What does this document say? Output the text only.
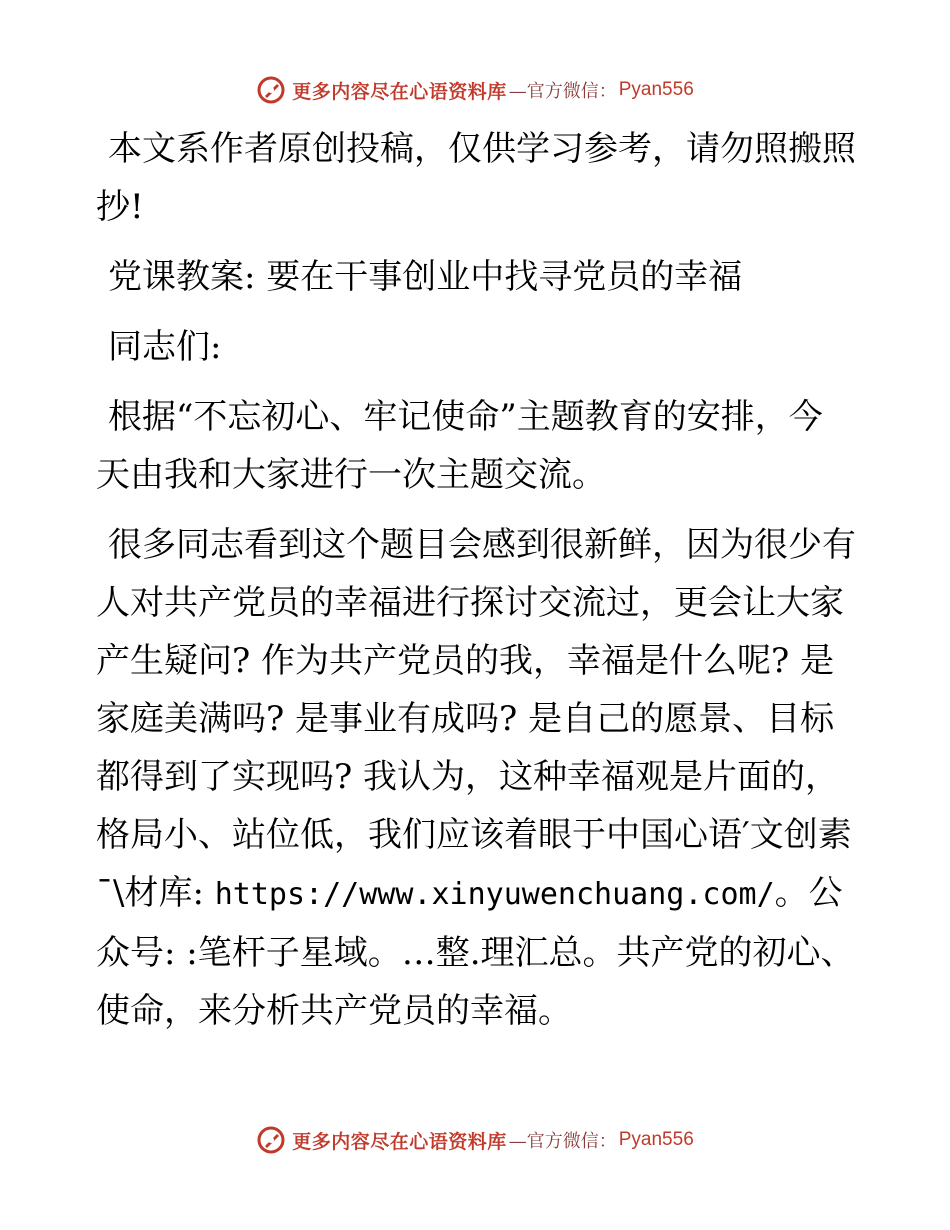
更多内容尽在心语资料库 —官方微信： Pyan556

本文系作者原创投稿，仅供学习参考，请勿照搬照抄!

党课教案: 要在干事创业中找寻党员的幸福

同志们:

根据“不忘初心、牢记使命”主题教育的安排，今天由我和大家进行一次主题交流。

很多同志看到这个题目会感到很新鲜，因为很少有人对共产党员的幸福进行探讨交流过，更会让大家产生疑问? 作为共产党员的我，幸福是什么呢? 是家庭美满吗? 是事业有成吗? 是自己的愿景、目标都得到了实现吗? 我认为，这种幸福观是片面的，格局小、站位低，我们应该着眼于中国心语′文创素¯\材库: https://www.xinyuwenchuang.com/。公众号: :笔杆子星域。…整.理汇总。共产党的初心、使命，来分析共产党员的幸福。

更多内容尽在心语资料库 —官方微信： Pyan556
